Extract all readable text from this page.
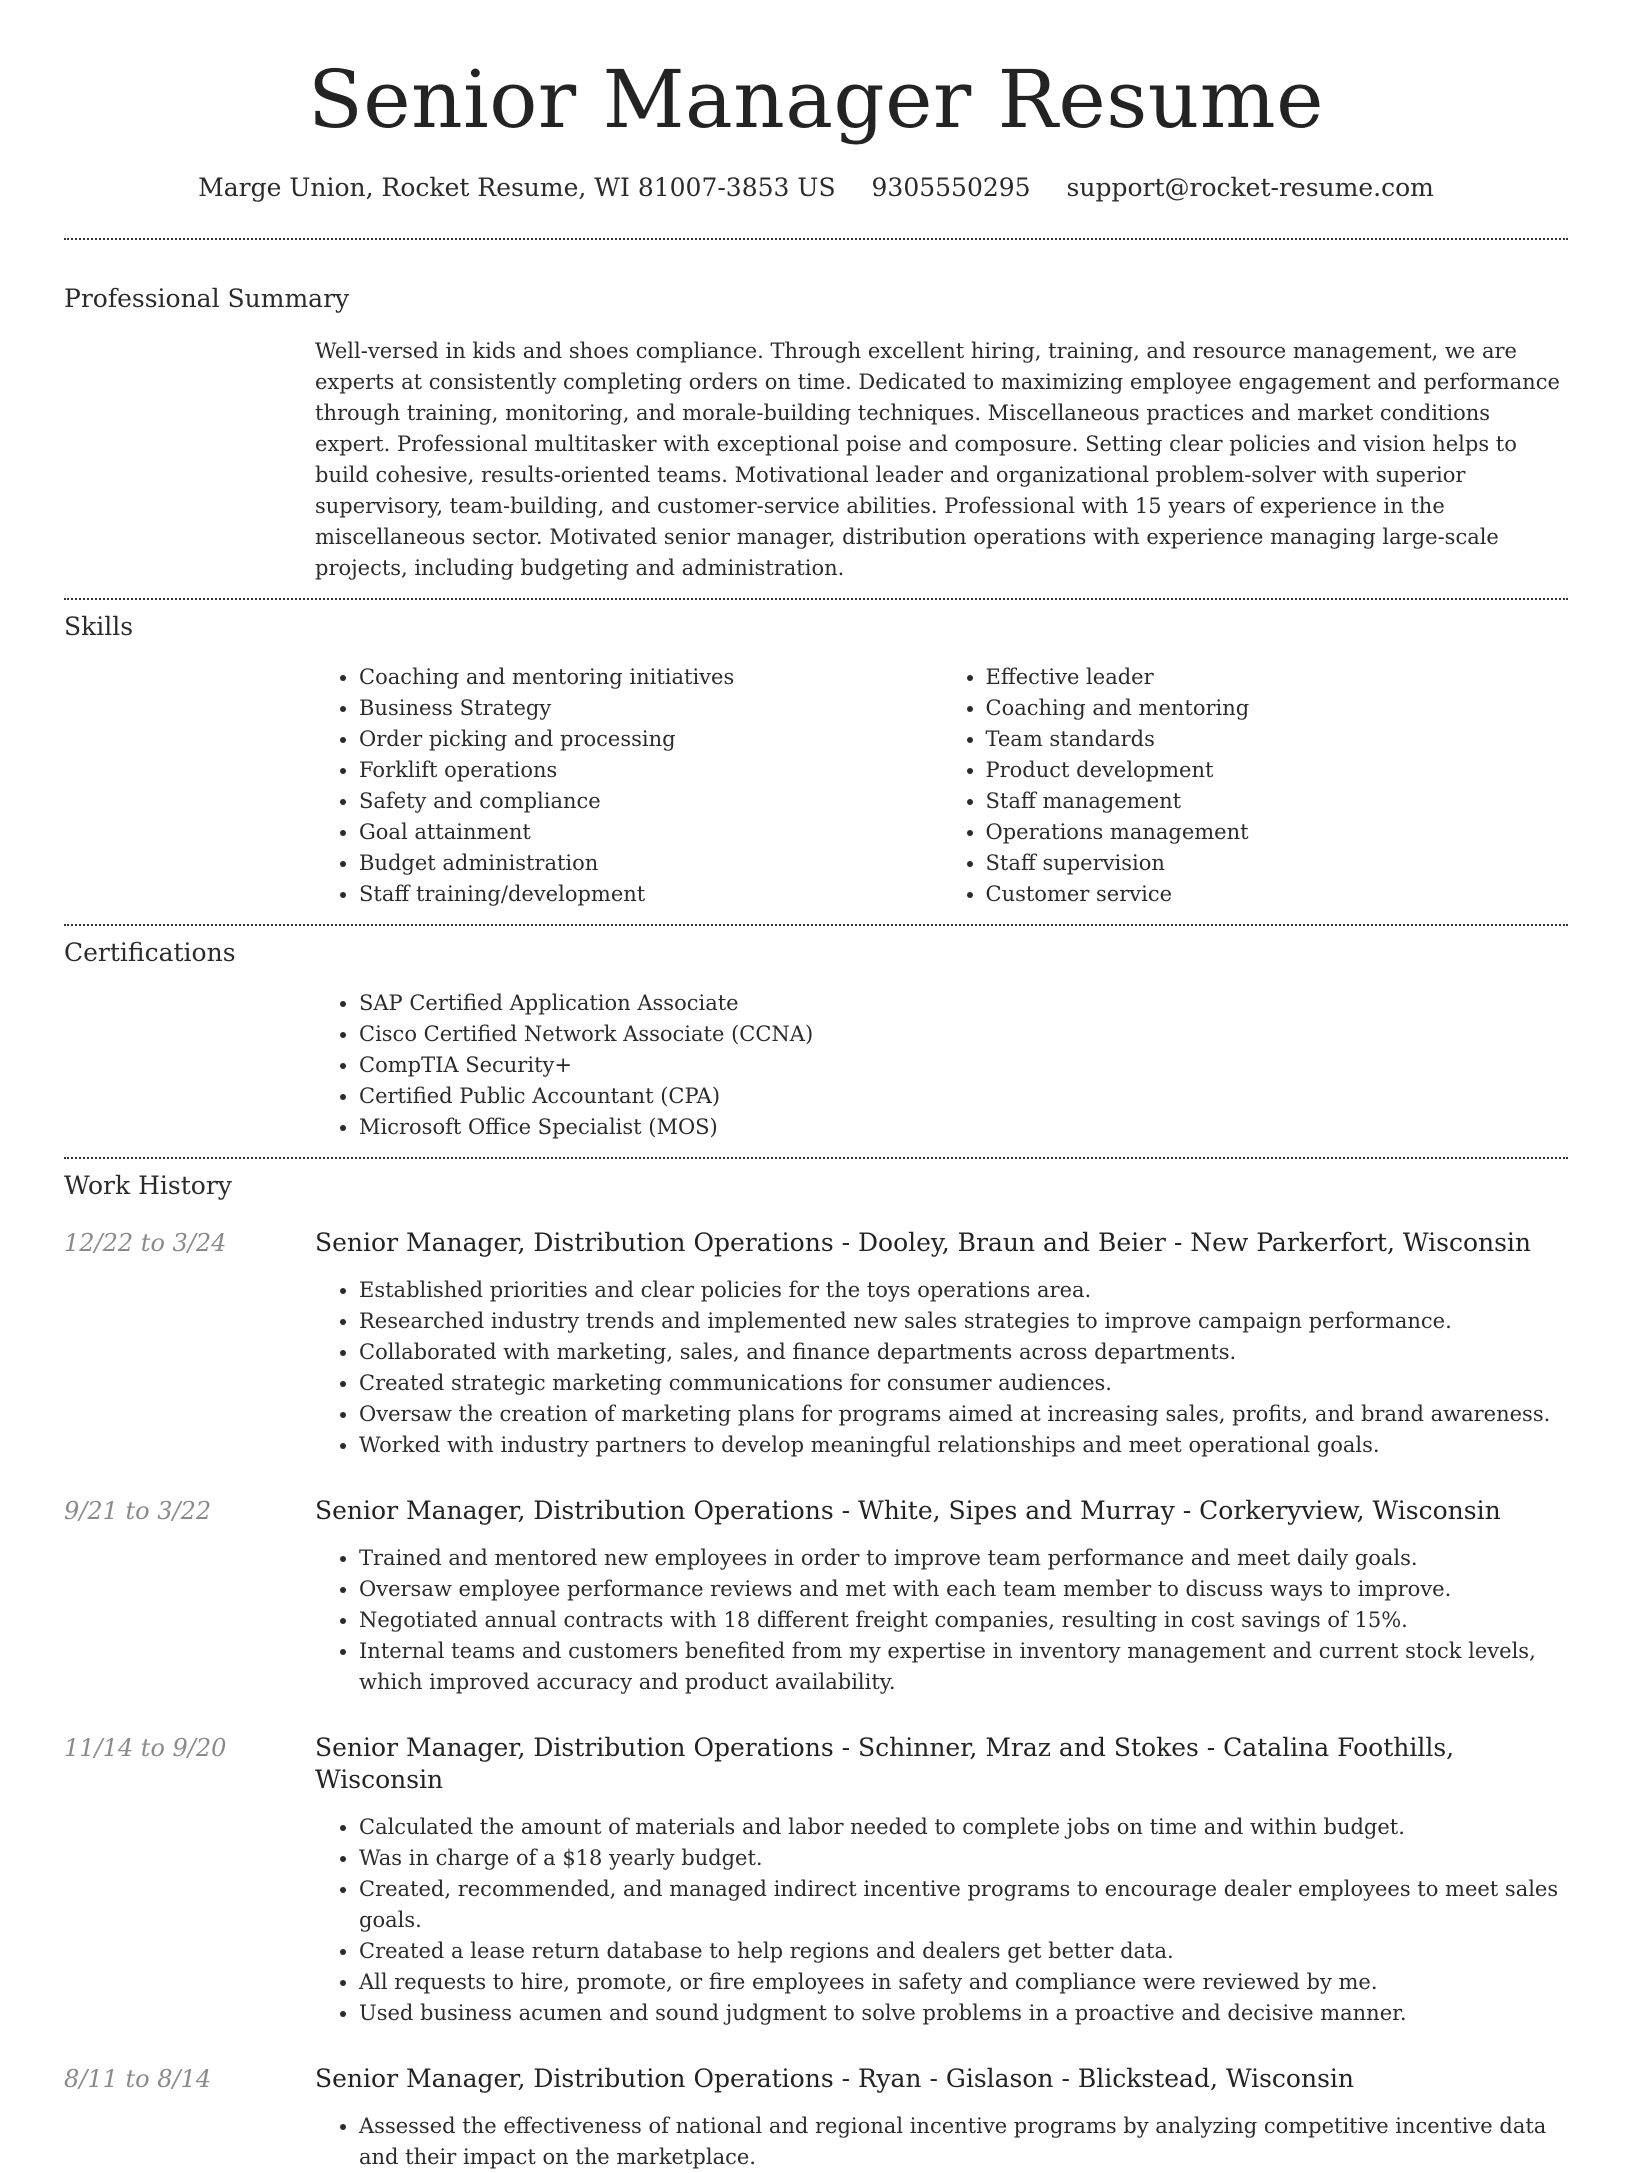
Senior Manager Resume
Marge Union, Rocket Resume, WI 81007-3853 US 9305550295 support@rocket-resume.com
Professional Summary

Well-versed in kids and shoes compliance. Through excellent hiring, training, and resource management, we are experts at consistently completing orders on time. Dedicated to maximizing employee engagement and performance through training, monitoring, and morale-building techniques. Miscellaneous practices and market conditions expert. Professional multitasker with exceptional poise and composure. Setting clear policies and vision helps to build cohesive, results-oriented teams. Motivational leader and organizational problem-solver with superior supervisory, team-building, and customer-service abilities. Professional with 15 years of experience in the miscellaneous sector. Motivated senior manager, distribution operations with experience managing large-scale projects, including budgeting and administration.

Skills
• Coaching and mentoring initiatives
• Business Strategy
• Order picking and processing
• Forklift operations
• Safety and compliance
• Goal attainment
• Budget administration
• Staff training/development
• Effective leader
• Coaching and mentoring
• Team standards
• Product development
• Staff management
• Operations management
• Staff supervision
• Customer service
Certifications
• SAP Certified Application Associate
• Cisco Certified Network Associate (CCNA)
• CompTIA Security+
• Certified Public Accountant (CPA)
• Microsoft Office Specialist (MOS)
Work History
12/22 to 3/24	Senior Manager, Distribution Operations - Dooley, Braun and Beier - New Parkerfort, Wisconsin
• Established priorities and clear policies for the toys operations area.
• Researched industry trends and implemented new sales strategies to improve campaign performance.
• Collaborated with marketing, sales, and finance departments across departments.
• Created strategic marketing communications for consumer audiences.
• Oversaw the creation of marketing plans for programs aimed at increasing sales, profits, and brand awareness.
• Worked with industry partners to develop meaningful relationships and meet operational goals.
9/21 to 3/22	Senior Manager, Distribution Operations - White, Sipes and Murray - Corkeryview, Wisconsin
• Trained and mentored new employees in order to improve team performance and meet daily goals.
• Oversaw employee performance reviews and met with each team member to discuss ways to improve.
• Negotiated annual contracts with 18 different freight companies, resulting in cost savings of 15%.
• Internal teams and customers benefited from my expertise in inventory management and current stock levels, which improved accuracy and product availability.
11/14 to 9/20	Senior Manager, Distribution Operations - Schinner, Mraz and Stokes - Catalina Foothills, Wisconsin
• Calculated the amount of materials and labor needed to complete jobs on time and within budget.
• Was in charge of a $18 yearly budget.
• Created, recommended, and managed indirect incentive programs to encourage dealer employees to meet sales goals.
• Created a lease return database to help regions and dealers get better data.
• All requests to hire, promote, or fire employees in safety and compliance were reviewed by me.
• Used business acumen and sound judgment to solve problems in a proactive and decisive manner.
8/11 to 8/14	Senior Manager, Distribution Operations - Ryan - Gislason - Blickstead, Wisconsin
• Assessed the effectiveness of national and regional incentive programs by analyzing competitive incentive data and their impact on the marketplace.
